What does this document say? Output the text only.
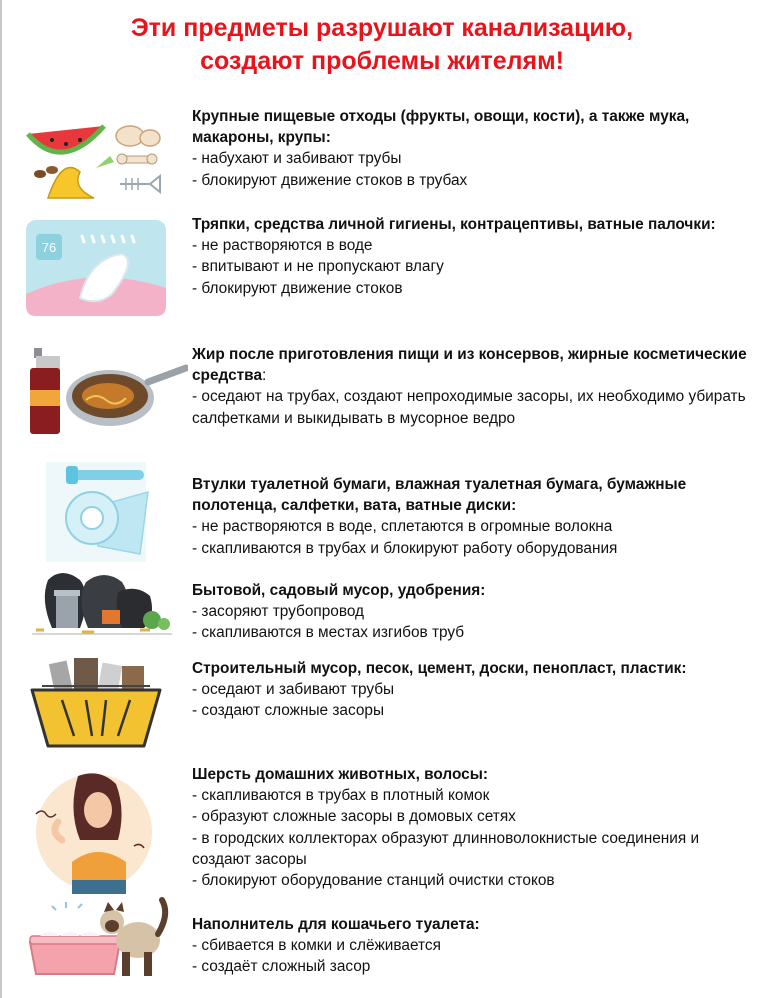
Эти предметы разрушают канализацию,
создают проблемы жителям!
Крупные пищевые отходы (фрукты, овощи, кости), а также мука, макароны, крупы:
- набухают и забивают трубы
- блокируют движение стоков в трубах
76
Тряпки, средства личной гигиены, контрацептивы, ватные палочки:
- не растворяются в воде
- впитывают и не пропускают влагу
- блокируют движение стоков
Жир после приготовления пищи и из консервов, жирные косметические средства:
- оседают на трубах, создают непроходимые засоры, их необходимо убирать салфетками и выкидывать в мусорное ведро
Втулки туалетной бумаги, влажная туалетная бумага, бумажные полотенца, салфетки, вата, ватные диски:
- не растворяются в воде, сплетаются в огромные волокна
- скапливаются в трубах и блокируют работу оборудования
Бытовой, садовый мусор, удобрения:
- засоряют трубопровод
- скапливаются в местах изгибов труб
Строительный мусор, песок, цемент, доски, пенопласт, пластик:
- оседают и забивают трубы
- создают сложные засоры
Шерсть домашних животных, волосы:
- скапливаются в трубах в плотный комок
- образуют сложные засоры в домовых сетях
- в городских коллекторах образуют длинноволокнистые соединения и создают засоры
- блокируют оборудование станций очистки стоков
Наполнитель для кошачьего туалета:
- сбивается в комки и слёживается
- создаёт сложный засор
